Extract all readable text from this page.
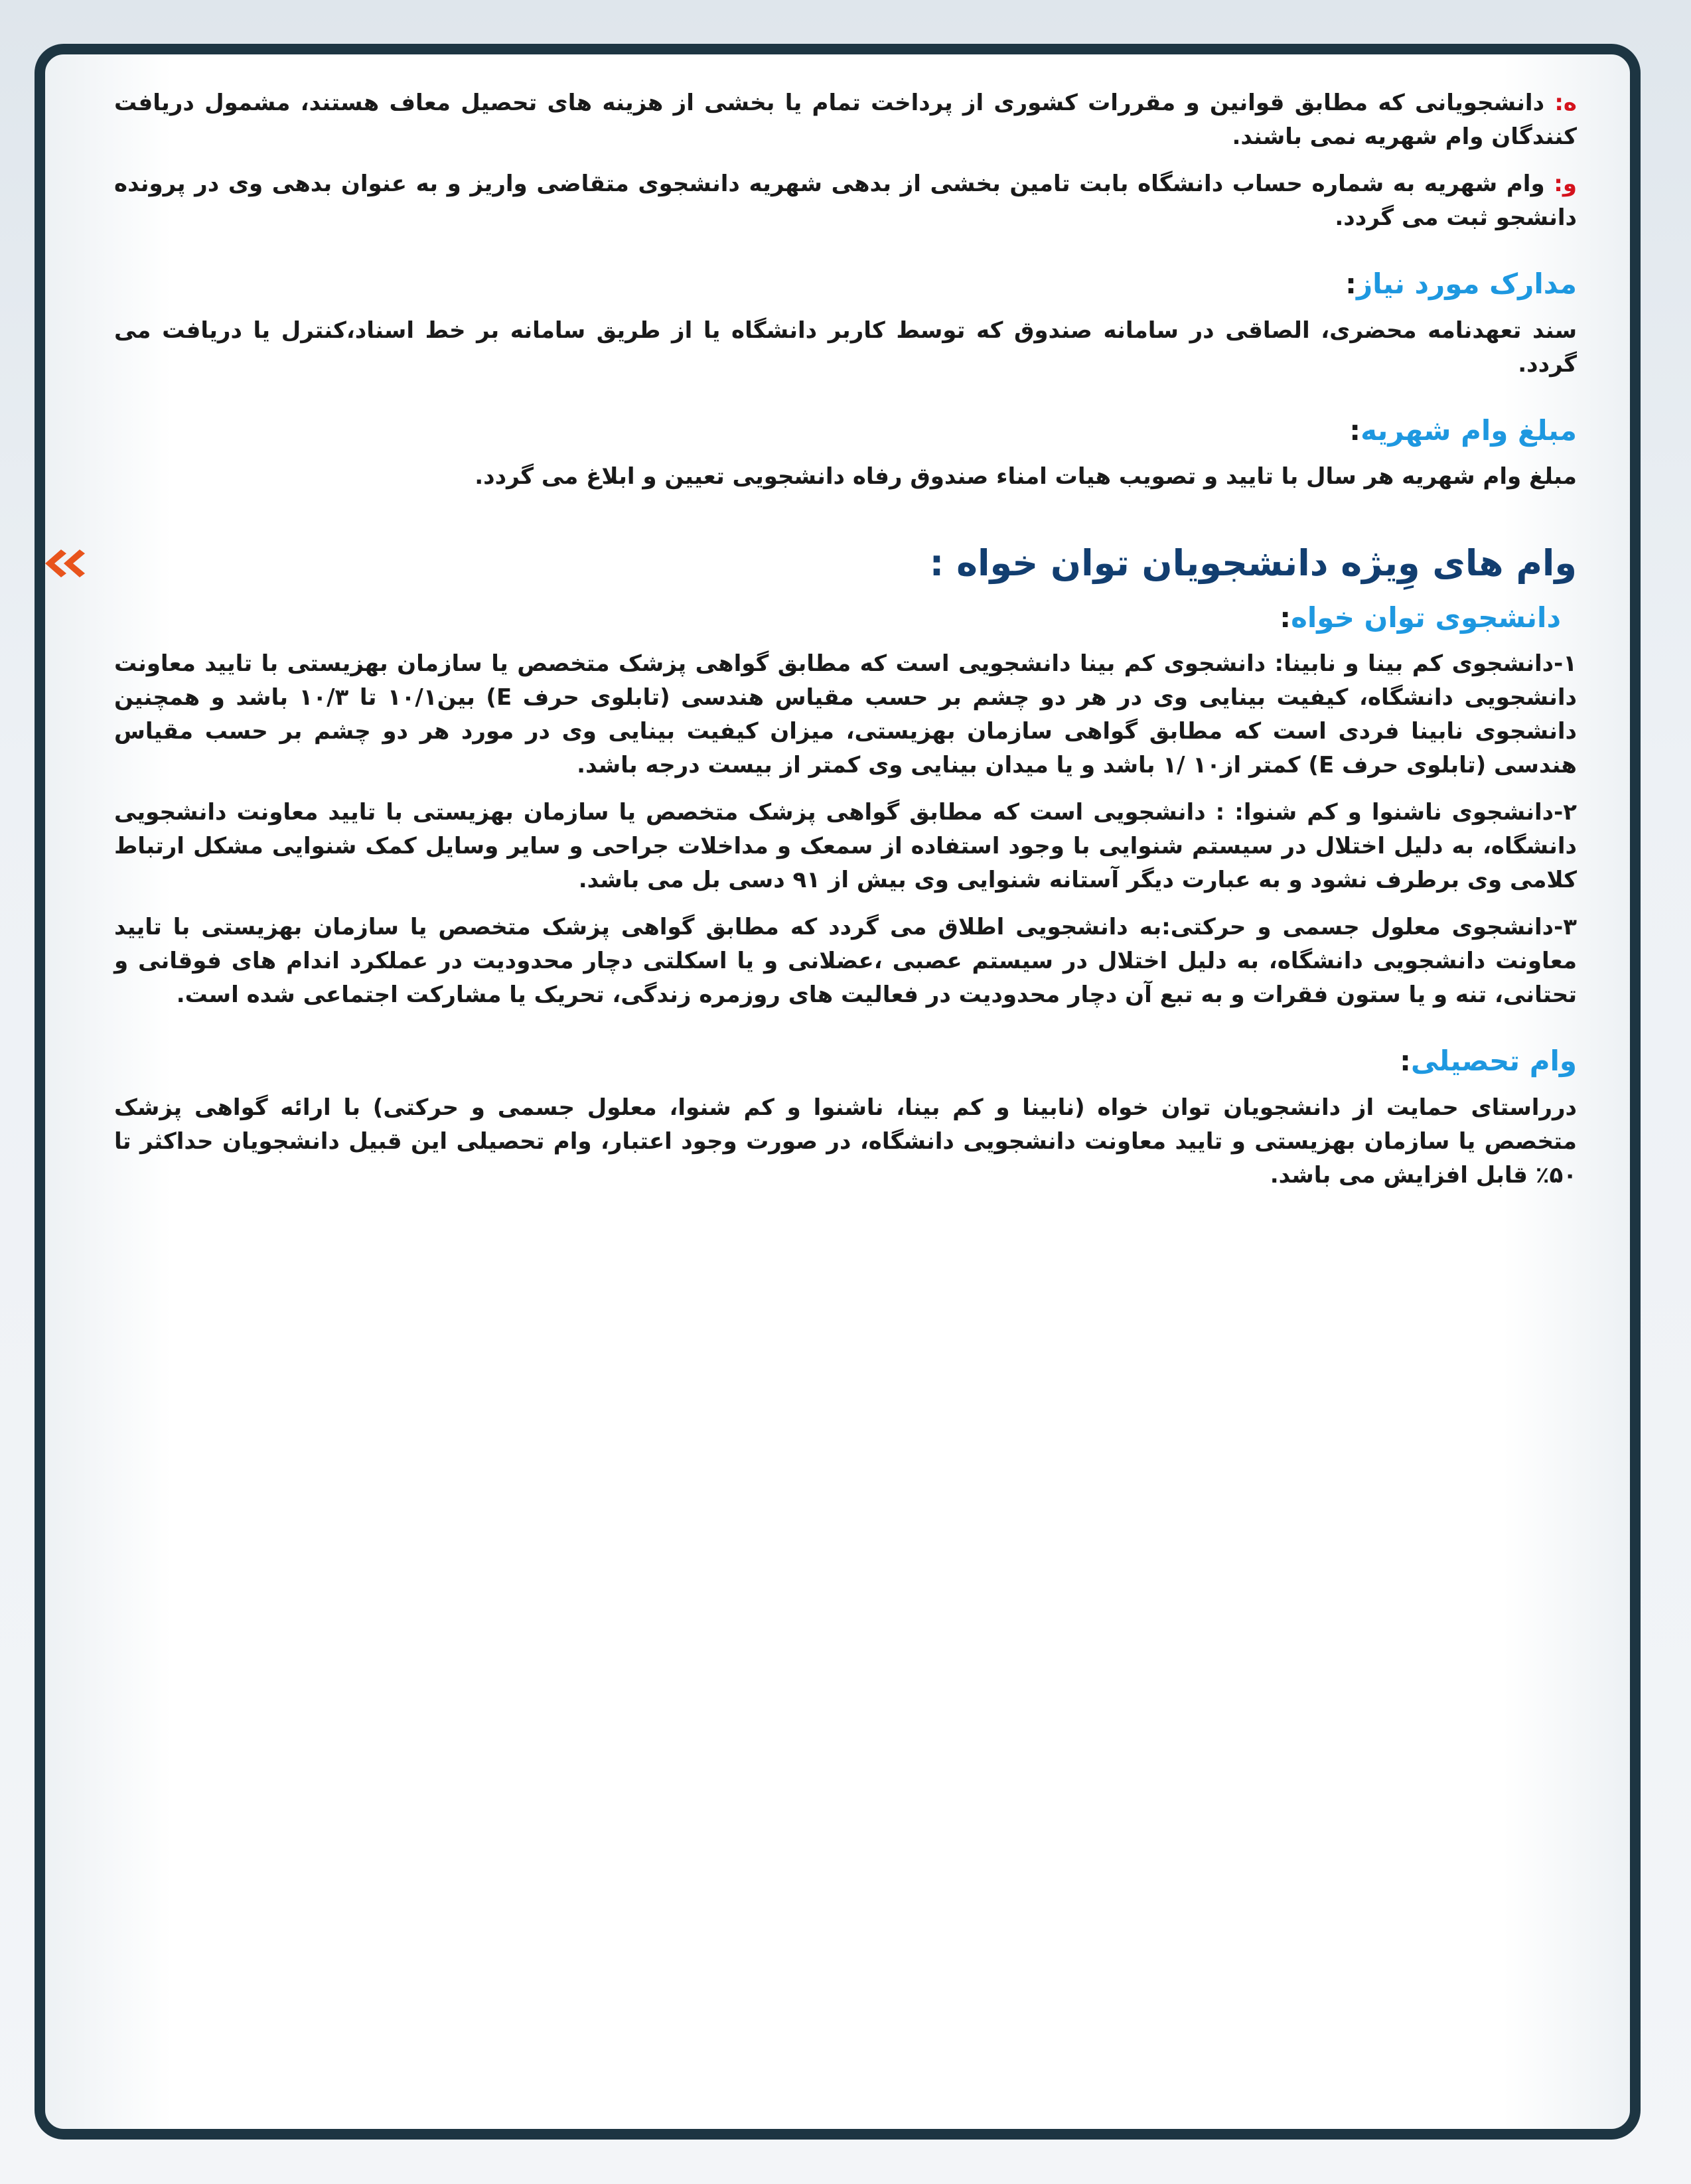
ه: دانشجویانی که مطابق قوانین و مقررات کشوری از پرداخت تمام یا بخشی از هزینه های تحصیل معاف هستند، مشمول دریافت کنندگان وام شهریه نمی باشند.

و: وام شهریه به شماره حساب دانشگاه بابت تامین بخشی از بدهی شهریه دانشجوی متقاضی واریز و به عنوان بدهی وی در پرونده دانشجو ثبت می گردد.

مدارک مورد نیاز:

سند تعهدنامه محضری، الصاقی در سامانه صندوق که توسط کاربر دانشگاه یا از طریق سامانه بر خط اسناد،کنترل یا دریافت می گردد.

مبلغ وام شهریه:

مبلغ وام شهریه هر سال با تایید و تصویب هیات امناء صندوق رفاه دانشجویی تعیین و ابلاغ می گردد.

وام های وِیژه دانشجویان توان خواه :
دانشجوی توان خواه:

۱-دانشجوی کم بینا و نابینا: دانشجوی کم بینا دانشجویی است که مطابق گواهی پزشک متخصص یا سازمان بهزیستی با تایید معاونت دانشجویی دانشگاه، کیفیت بینایی وی در هر دو چشم بر حسب مقیاس هندسی (تابلوی حرف E) بین۱۰/۱ تا ۱۰/۳ باشد و همچنین دانشجوی نابینا فردی است که مطابق گواهی سازمان بهزیستی، میزان کیفیت بینایی وی در مورد هر دو چشم بر حسب مقیاس هندسی (تابلوی حرف E) کمتر از۱۰ /۱ باشد و یا میدان بینایی وی کمتر از بیست درجه باشد.

۲-دانشجوی ناشنوا و کم شنوا: : دانشجویی است که مطابق گواهی پزشک متخصص یا سازمان بهزیستی با تایید معاونت دانشجویی دانشگاه، به دلیل اختلال در سیستم شنوایی با وجود استفاده از سمعک و مداخلات جراحی و سایر وسایل کمک شنوایی مشکل ارتباط کلامی وی برطرف نشود و به عبارت دیگر آستانه شنوایی وی بیش از ۹۱ دسی بل می باشد.

۳-دانشجوی معلول جسمی و حرکتی:به دانشجویی اطلاق می گردد که مطابق گواهی پزشک متخصص یا سازمان بهزیستی با تایید معاونت دانشجویی دانشگاه، به دلیل اختلال در سیستم عصبی ،عضلانی و یا اسکلتی دچار محدودیت در عملکرد اندام های فوقانی و تحتانی، تنه و یا ستون فقرات و به تبع آن دچار محدودیت در فعالیت های روزمره زندگی، تحریک یا مشارکت اجتماعی شده است.

وام تحصیلی:

درراستای حمایت از دانشجویان توان خواه (نابینا و کم بینا، ناشنوا و کم شنوا، معلول جسمی و حرکتی) با ارائه گواهی پزشک متخصص یا سازمان بهزیستی و تایید معاونت دانشجویی دانشگاه، در صورت وجود اعتبار، وام تحصیلی این قبیل دانشجویان حداکثر تا ۵۰٪ قابل افزایش می باشد.
